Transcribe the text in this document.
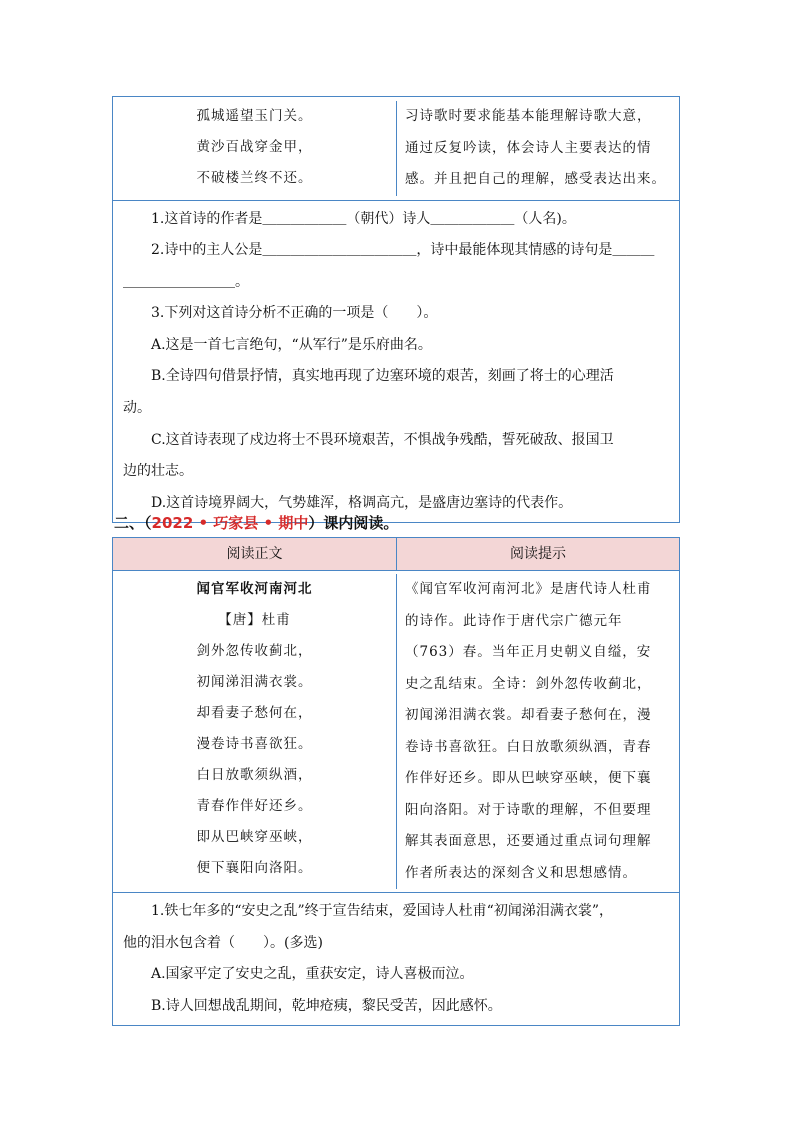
孤城遥望玉门关。
黄沙百战穿金甲，
不破楼兰终不还。
习诗歌时要求能基本能理解诗歌大意，
通过反复吟读，体会诗人主要表达的情
感。并且把自己的理解，感受表达出来。

1.这首诗的作者是＿＿＿＿＿＿（朝代）诗人＿＿＿＿＿＿（人名)。

2.诗中的主人公是＿＿＿＿＿＿＿＿＿＿＿，诗中最能体现其情感的诗句是＿＿＿

＿＿＿＿＿＿＿＿。

3.下列对这首诗分析不正确的一项是（　　）。

A.这是一首七言绝句，“从军行”是乐府曲名。

B.全诗四句借景抒情，真实地再现了边塞环境的艰苦，刻画了将士的心理活

动。

C.这首诗表现了戍边将士不畏环境艰苦，不惧战争残酷，誓死破敌、报国卫

边的壮志。

D.这首诗境界阔大，气势雄浑，格调高亢，是盛唐边塞诗的代表作。

二、（2022 • 巧家县 • 期中）课内阅读。
阅读正文	阅读提示
闻官军收河南河北
【唐】杜甫
剑外忽传收蓟北，
初闻涕泪满衣裳。
却看妻子愁何在，
漫卷诗书喜欲狂。
白日放歌须纵酒，
青春作伴好还乡。
即从巴峡穿巫峡，
便下襄阳向洛阳。
《闻官军收河南河北》是唐代诗人杜甫
的诗作。此诗作于唐代宗广德元年
（763）春。当年正月史朝义自缢，安
史之乱结束。全诗：剑外忽传收蓟北，
初闻涕泪满衣裳。却看妻子愁何在，漫
卷诗书喜欲狂。白日放歌须纵酒，青春
作伴好还乡。即从巴峡穿巫峡，便下襄
阳向洛阳。对于诗歌的理解，不但要理
解其表面意思，还要通过重点词句理解
作者所表达的深刻含义和思想感情。

1.铁七年多的“安史之乱”终于宣告结束，爱国诗人杜甫“初闻涕泪满衣裳”，

他的泪水包含着（　　）。(多选)

A.国家平定了安史之乱，重获安定，诗人喜极而泣。

B.诗人回想战乱期间，乾坤疮痍，黎民受苦，因此感怀。
